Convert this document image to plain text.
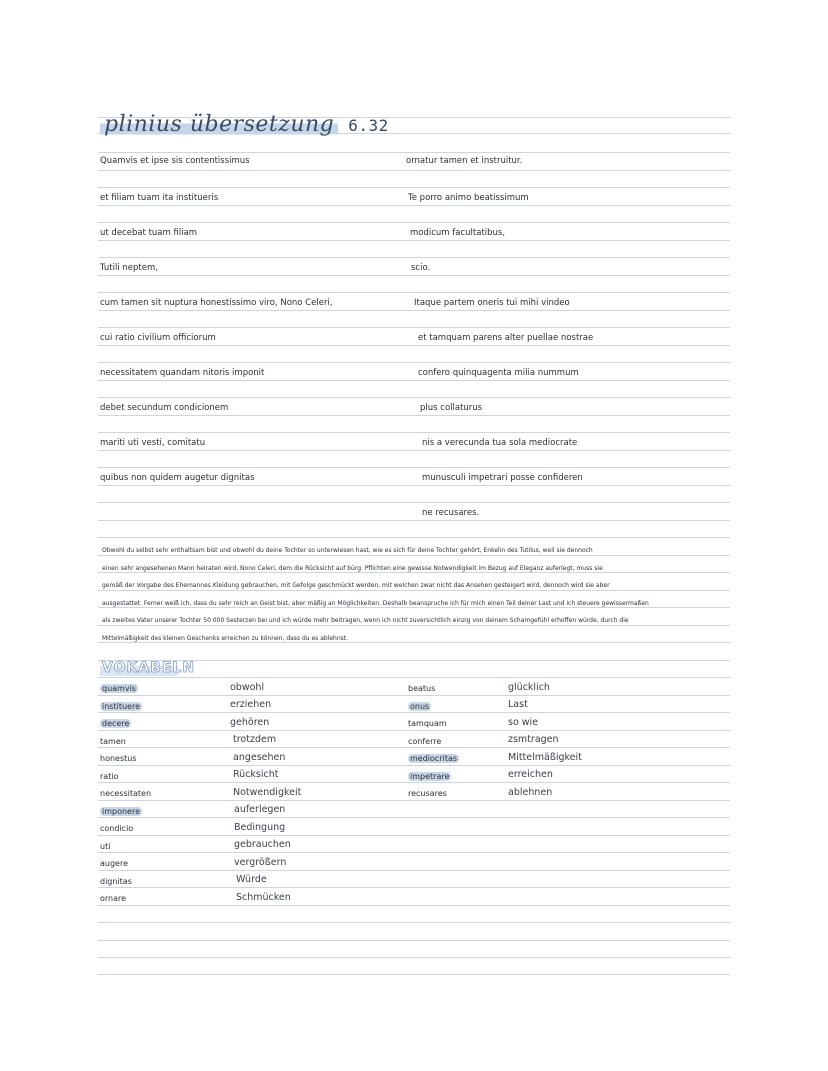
plinius übersetzung 6.32
Quamvis et ipse sis contentissimus
et filiam tuam ita institueris
ut decebat tuam filiam
Tutili neptem,
cum tamen sit nuptura honestissimo viro, Nono Celeri,
cui ratio civilium officiorum
necessitatem quandam nitoris imponit
debet secundum condicionem
mariti uti vesti, comitatu
quibus non quidem augetur dignitas
ornatur tamen et instruitur.
Te porro animo beatissimum
modicum facultatibus,
scio.
Itaque partem oneris tui mihi vindeo
et tamquam parens alter puellae nostrae
confero quinquagenta milia nummum
plus collaturus
nis a verecunda tua sola mediocrate
munusculi impetrari posse confideren
ne recusares.
Obwohl du selbst sehr enthaltsam bist und obwohl du deine Tochter so unterwiesen hast, wie es sich für deine Tochter gehört, Enkelin des Tutilus, weil sie dennoch
einen sehr angesehenen Mann heiraten wird, Nono Celeri, dem die Rücksicht auf bürg. Pflichten eine gewisse Notwendigkeit im Bezug auf Eleganz auferlegt, muss sie
gemäß der Vorgabe des Ehemannes Kleidung gebrauchen, mit Gefolge geschmückt werden, mit welchen zwar nicht das Ansehen gesteigert wird, dennoch wird sie aber
ausgestattet. Ferner weiß ich, dass du sehr reich an Geist bist, aber mäßig an Möglichkeiten. Deshalb beanspruche ich für mich einen Teil deiner Last und ich steuere gewissermaßen
als zweites Vater unserer Tochter 50 000 Sesterzen bei und ich würde mehr beitragen, wenn ich nicht zuversichtlich einzig von deinem Schamgefühl erhoffen würde, durch die
Mittelmäßigkeit des kleinen Geschenks erreichen zu können, dass du es ablehnst.
VOKABELN
quamvis	obwohl
instituere	erziehen
decere	gehören
tamen	trotzdem
honestus	angesehen
ratio	Rücksicht
necessitaten	Notwendigkeit
imponere	auferlegen
condicio	Bedingung
uti	gebrauchen
augere	vergrößern
dignitas	Würde
ornare	Schmücken
beatus	glücklich
onus	Last
tamquam	so wie
conferre	zsmtragen
mediocritas	Mittelmäßigkeit
impetrare	erreichen
recusares	ablehnen
